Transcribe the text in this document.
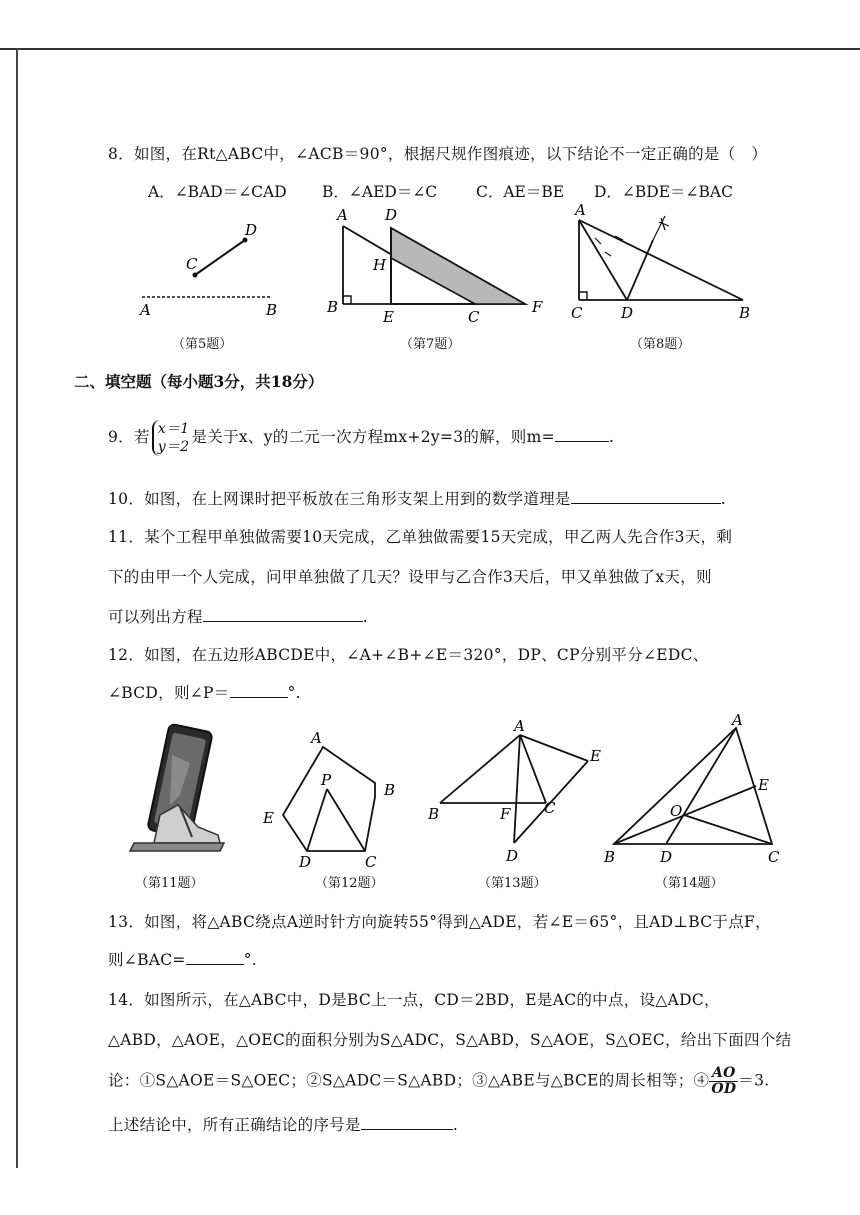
8．如图，在Rt△ABC中，∠ACB＝90°，根据尺规作图痕迹，以下结论不一定正确的是（　）
A．∠BAD＝∠CAD B．∠AED＝∠C	C．AE＝BE D．∠BDE＝∠BAC
C
D
A	B
（第5题）
A D
H
B
E	C
F
（第7题）
A
C	D	B
（第8题）
二、填空题（每小题3分，共18分）
9．若 x＝1
y＝2
是关于x、y的二元一次方程mx+2y=3的解，则m=	.
10．如图，在上网课时把平板放在三角形支架上用到的数学道理是	.
11．某个工程甲单独做需要10天完成，乙单独做需要15天完成，甲乙两人先合作3天，剩
下的由甲一个人完成，问甲单独做了几天？设甲与乙合作3天后，甲又单独做了x天，则
可以列出方程	.
12．如图，在五边形ABCDE中，∠A+∠B+∠E＝320°，DP、CP分别平分∠EDC、
∠BCD，则∠P＝	°.
（第11题）
A
P
B
E
D	C
（第12题）
A
E
B	F C
D
（第13题）
A
E
O
B	D	C
（第14题）
13．如图，将△ABC绕点A逆时针方向旋转55°得到△ADE，若∠E＝65°，且AD⊥BC于点F，
则∠BAC=	°.
14．如图所示，在△ABC中，D是BC上一点，CD＝2BD，E是AC的中点，设△ADC，
△ABD，△AOE，△OEC的面积分别为S△ADC，S△ABD，S△AOE，S△OEC，给出下面四个结
论：①S△AOE＝S△OEC；②S△ADC＝S△ABD；③△ABE与△BCE的周长相等；④ $\frac{AO}{OD} =3$.
上述结论中，所有正确结论的序号是	.
